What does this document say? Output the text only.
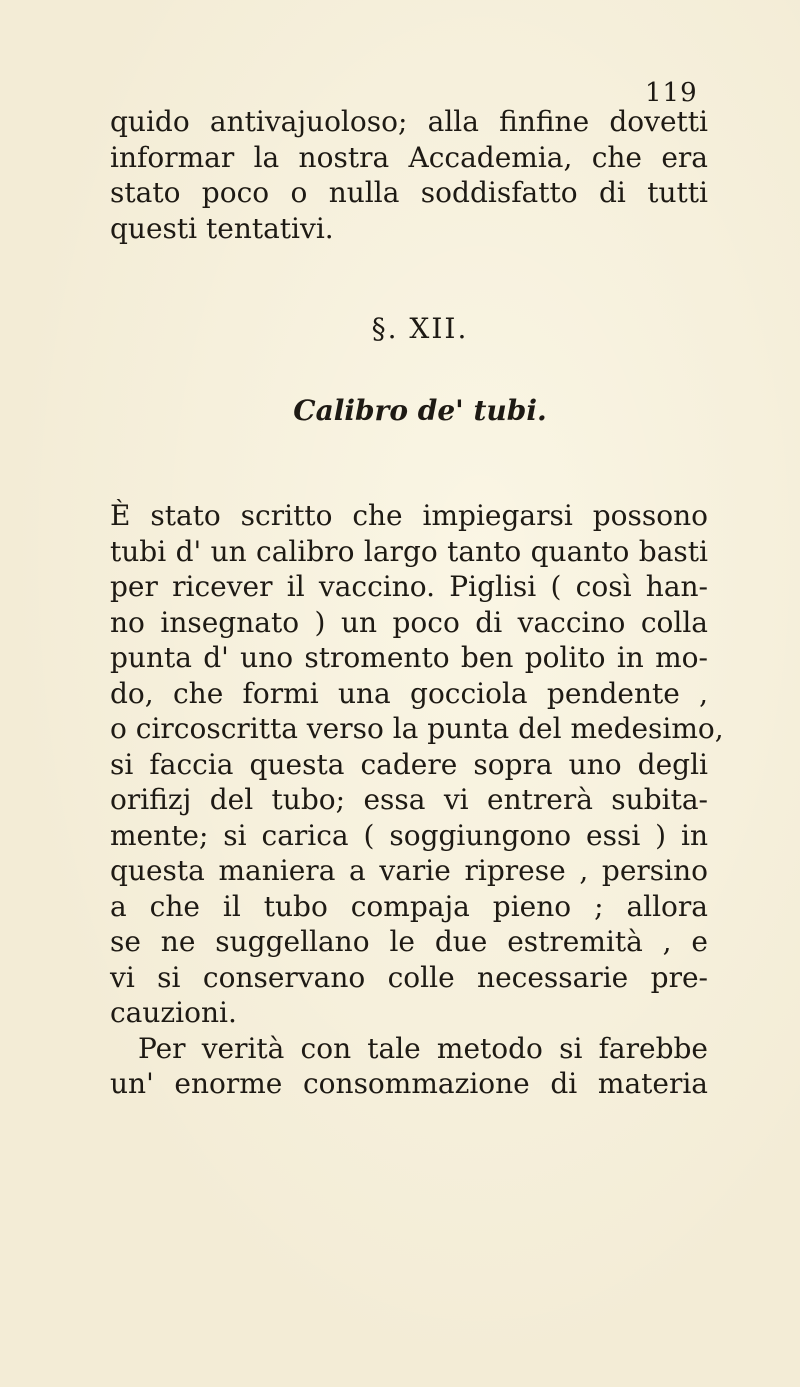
119
quido antivajuoloso; alla finfine dovetti
informar la nostra Accademia, che era
stato poco o nulla soddisfatto di tutti
questi tentativi.
§. XII.
Calibro de' tubi.
È stato scritto che impiegarsi possono
tubi d' un calibro largo tanto quanto basti
per ricever il vaccino. Piglisi ( così han-
no insegnato ) un poco di vaccino colla
punta d' uno stromento ben polito in mo-
do, che formi una gocciola pendente ,
o circoscritta verso la punta del medesimo,
si faccia questa cadere sopra uno degli
orifizj del tubo; essa vi entrerà subita-
mente; si carica ( soggiungono essi ) in
questa maniera a varie riprese , persino
a che il tubo compaja pieno ; allora
se ne suggellano le due estremità , e
vi si conservano colle necessarie pre-
cauzioni.
Per verità con tale metodo si farebbe
un' enorme consommazione di materia
